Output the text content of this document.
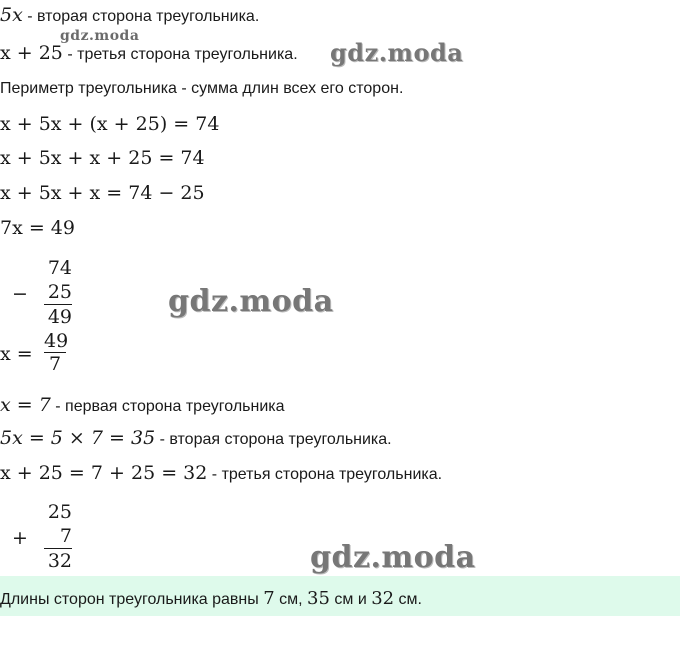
5x - вторая сторона треугольника.
gdz.moda
x + 25 - третья сторона треугольника. gdz.moda
Периметр треугольника - сумма длин всех его сторон.
x + 5x + (x + 25) = 74
x + 5x + x + 25 = 74
x + 5x + x = 74 − 25
7x = 49
−
74
25
49	gdz.moda
$x = \frac{49}{7}$
x = 7 - первая сторона треугольника
5x = 5 × 7 = 35 - вторая сторона треугольника.
x + 25 = 7 + 25 = 32 - третья сторона треугольника.
+
25
7
32	gdz.moda
Длины сторон треугольника равны 7 см, 35 см и 32 см.
